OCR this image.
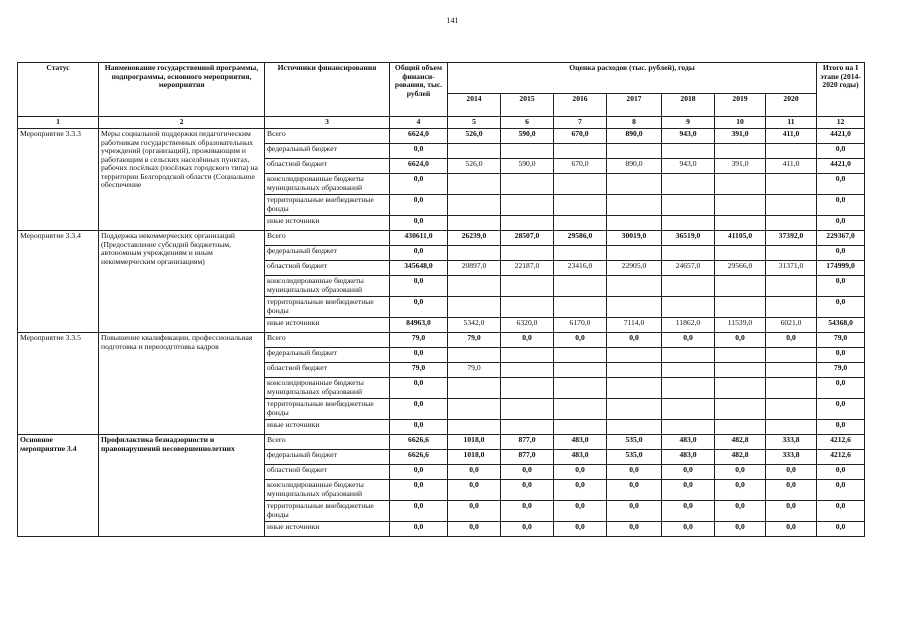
141
Статус	Наименование государственной программы, подпрограммы, основного мероприятия, мероприятия	Источники финансирования	Общий объем финанси-рования, тыс. рублей	Оценка расходов (тыс. рублей), годы							Итого на I этапе (2014-2020 годы)
				2014	2015	2016	2017	2018	2019	2020	
1	2	3	4	5	6	7	8	9	10	11	12
Мероприятие 3.3.3	Меры социальной поддержки педагогическим работникам государственных образовательных учреждений (организаций), проживающим и работающим в сельских населённых пунктах, рабочих посёлках (посёлках городского типа) на территории Белгородской области (Социальное обеспечение	Всего	6624,0	526,0	590,0	670,0	890,0	943,0	391,0	411,0	4421,0
		федеральный бюджет	0,0								0,0
		областной бюджет	6624,0	526,0	590,0	670,0	890,0	943,0	391,0	411,0	4421,0
		консолидированные бюджеты муниципальных образований	0,0								0,0
		территориальные внебюджетные фонды	0,0								0,0
		иные источники	0,0								0,0
Мероприятие 3.3.4	Поддержка некоммерческих организаций (Предоставление субсидий бюджетным, автономным учреждениям и иным некоммерческим организациям)	Всего	430611,0	26239,0	28507,0	29586,0	30019,0	36519,0	41105,0	37392,0	229367,0
		федеральный бюджет	0,0								0,0
		областной бюджет	345648,0	20897,0	22187,0	23416,0	22905,0	24657,0	29566,0	31371,0	174999,0
		консолидированные бюджеты муниципальных образований	0,0								0,0
		территориальные внебюджетные фонды	0,0								0,0
		иные источники	84963,0	5342,0	6320,0	6170,0	7114,0	11862,0	11539,0	6021,0	54368,0
Мероприятие 3.3.5	Повышение квалификации, профессиональная подготовка и переподготовка кадров	Всего	79,0	79,0	0,0	0,0	0,0	0,0	0,0	0,0	79,0
		федеральный бюджет	0,0								0,0
		областной бюджет	79,0	79,0							79,0
		консолидированные бюджеты муниципальных образований	0,0								0,0
		территориальные внебюджетные фонды	0,0								0,0
		иные источники	0,0								0,0
Основное мероприятие 3.4	Профилактика безнадзорности и правонарушений несовершеннолетних	Всего	6626,6	1018,0	877,0	483,0	535,0	483,0	482,8	333,8	4212,6
		федеральный бюджет	6626,6	1018,0	877,0	483,0	535,0	483,0	482,8	333,8	4212,6
		областной бюджет	0,0	0,0	0,0	0,0	0,0	0,0	0,0	0,0	0,0
		консолидированные бюджеты муниципальных образований	0,0	0,0	0,0	0,0	0,0	0,0	0,0	0,0	0,0
		территориальные внебюджетные фонды	0,0	0,0	0,0	0,0	0,0	0,0	0,0	0,0	0,0
		иные источники	0,0	0,0	0,0	0,0	0,0	0,0	0,0	0,0	0,0
